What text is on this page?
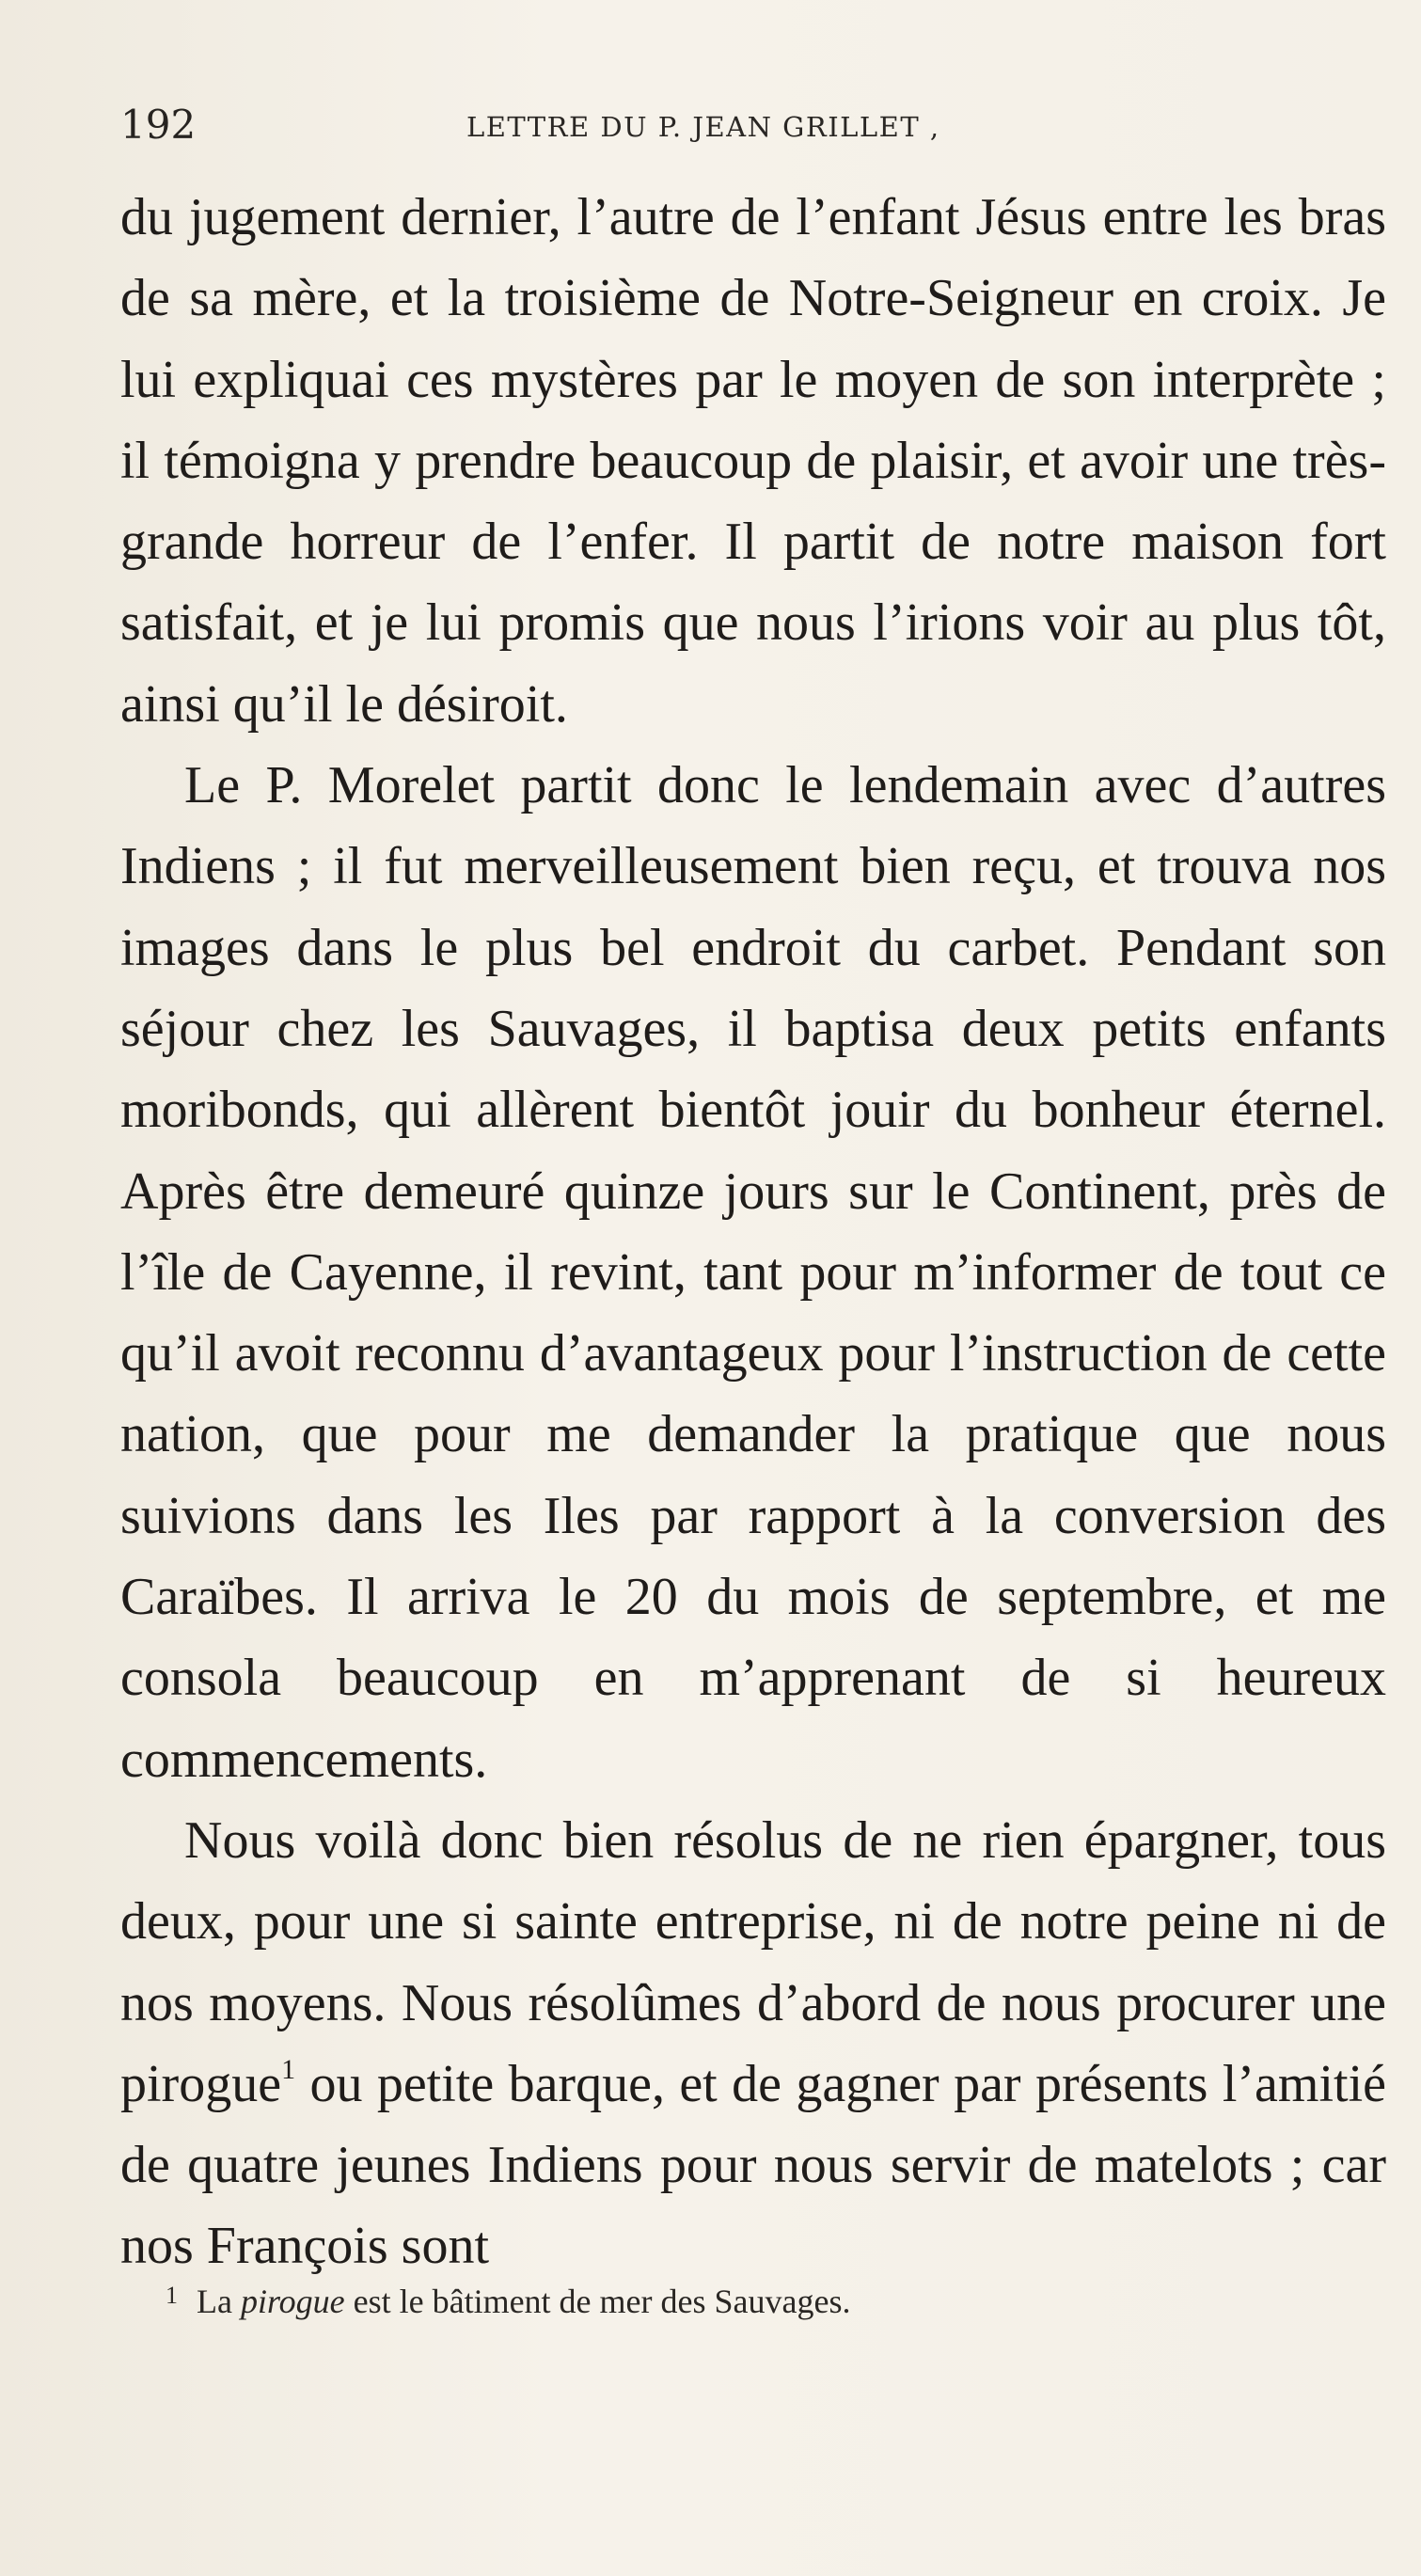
192	LETTRE DU P. JEAN GRILLET ,

du jugement dernier, l’autre de l’enfant Jésus entre les bras de sa mère, et la troisième de Notre-Seigneur en croix. Je lui expliquai ces mystères par le moyen de son interprète ; il témoigna y prendre beaucoup de plaisir, et avoir une très-grande horreur de l’enfer. Il partit de notre maison fort satisfait, et je lui promis que nous l’irions voir au plus tôt, ainsi qu’il le désiroit.

Le P. Morelet partit donc le lendemain avec d’autres Indiens ; il fut merveilleusement bien reçu, et trouva nos images dans le plus bel endroit du carbet. Pendant son séjour chez les Sauvages, il baptisa deux petits enfants moribonds, qui allèrent bientôt jouir du bonheur éternel. Après être demeuré quinze jours sur le Continent, près de l’île de Cayenne, il revint, tant pour m’informer de tout ce qu’il avoit reconnu d’avantageux pour l’instruction de cette nation, que pour me demander la pratique que nous suivions dans les Iles par rapport à la conversion des Caraïbes. Il arriva le 20 du mois de septembre, et me consola beaucoup en m’apprenant de si heureux commencements.

Nous voilà donc bien résolus de ne rien épargner, tous deux, pour une si sainte entreprise, ni de notre peine ni de nos moyens. Nous résolûmes d’abord de nous procurer une pirogue$^1$ ou petite barque, et de gagner par présents l’amitié de quatre jeunes Indiens pour nous servir de matelots ; car nos François sont

$^1$ La pirogue est le bâtiment de mer des Sauvages.
